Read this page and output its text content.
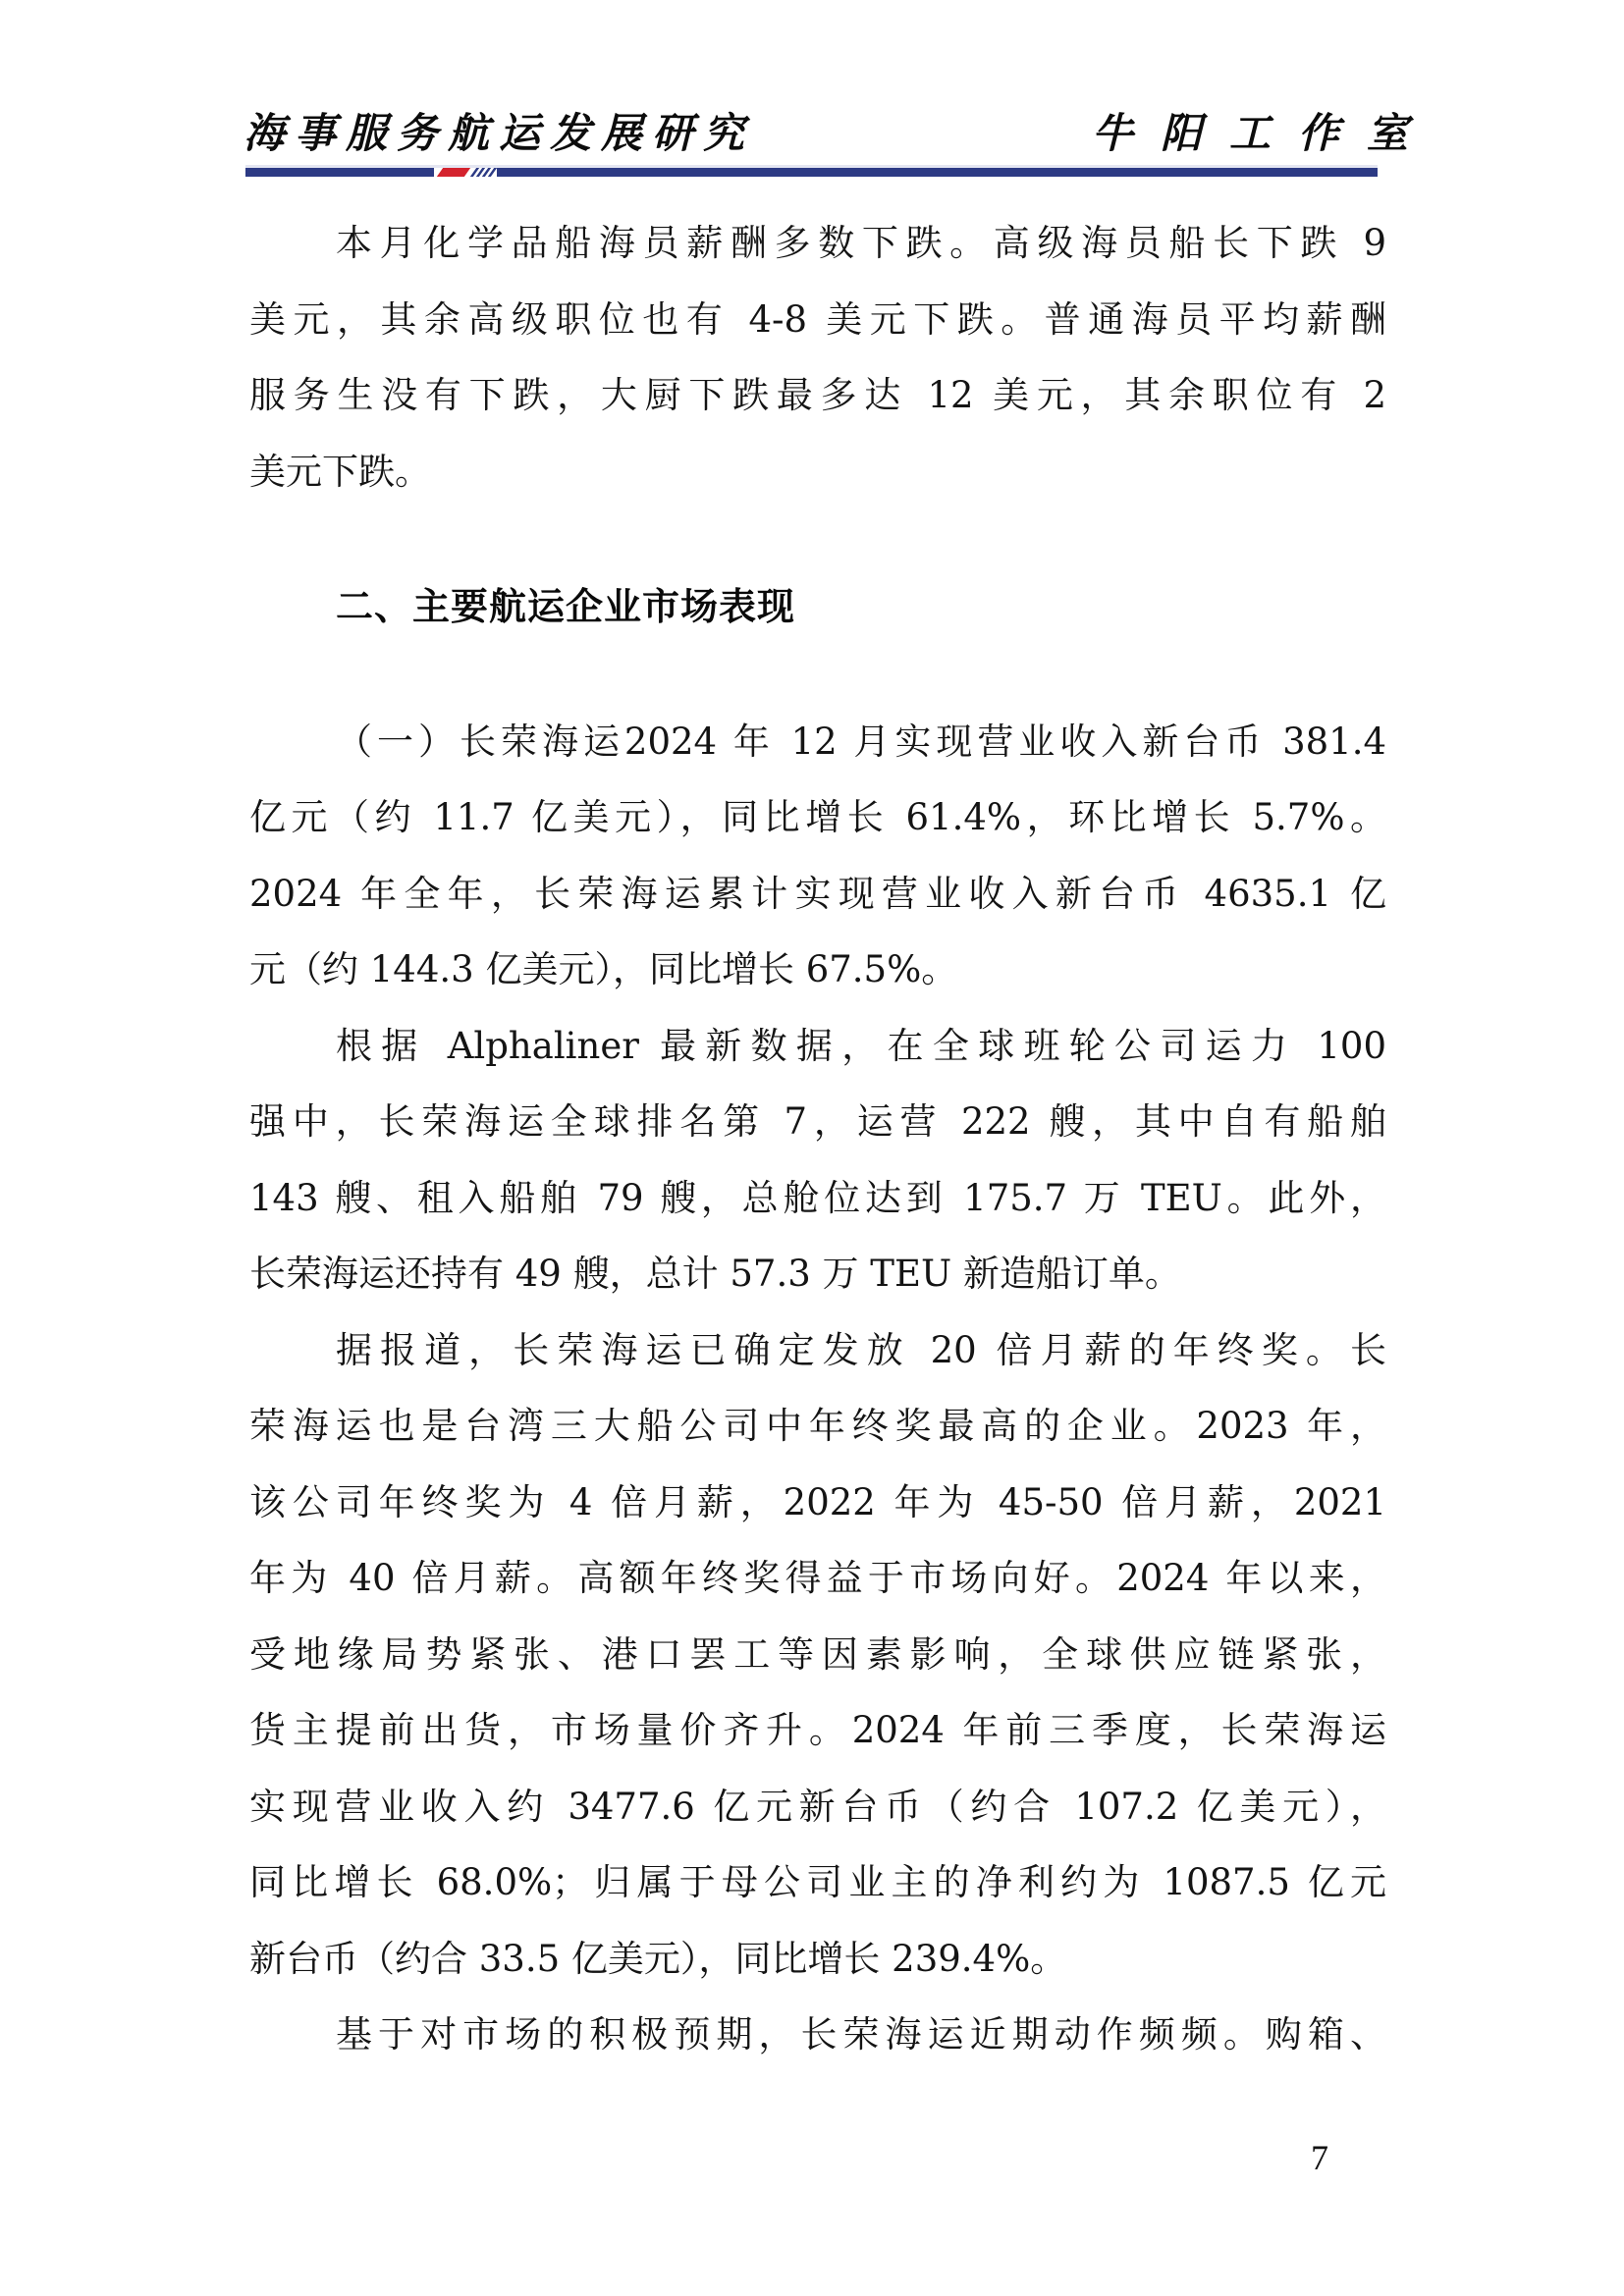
海事服务航运发展研究	牛阳工作室
本月化学品船海员薪酬多数下跌。高级海员船长下跌 9
美元，其余高级职位也有 4-8 美元下跌。普通海员平均薪酬
服务生没有下跌，大厨下跌最多达 12 美元，其余职位有 2
美元下跌。
二、主要航运企业市场表现
（一）长荣海运2024 年 12 月实现营业收入新台币 381.4
亿元（约 11.7 亿美元），同比增长 61.4%，环比增长 5.7%。
2024 年全年，长荣海运累计实现营业收入新台币 4635.1 亿
元（约 144.3 亿美元），同比增长 67.5%。
根据 Alphaliner 最新数据，在全球班轮公司运力 100
强中，长荣海运全球排名第 7，运营 222 艘，其中自有船舶
143 艘、租入船舶 79 艘，总舱位达到 175.7 万 TEU。此外，
长荣海运还持有 49 艘，总计 57.3 万 TEU 新造船订单。
据报道，长荣海运已确定发放 20 倍月薪的年终奖。长
荣海运也是台湾三大船公司中年终奖最高的企业。2023 年，
该公司年终奖为 4 倍月薪，2022 年为 45-50 倍月薪，2021
年为 40 倍月薪。高额年终奖得益于市场向好。2024 年以来，
受地缘局势紧张、港口罢工等因素影响，全球供应链紧张，
货主提前出货，市场量价齐升。2024 年前三季度，长荣海运
实现营业收入约 3477.6 亿元新台币（约合 107.2 亿美元），
同比增长 68.0%；归属于母公司业主的净利约为 1087.5 亿元
新台币（约合 33.5 亿美元），同比增长 239.4%。
基于对市场的积极预期，长荣海运近期动作频频。购箱、
7
